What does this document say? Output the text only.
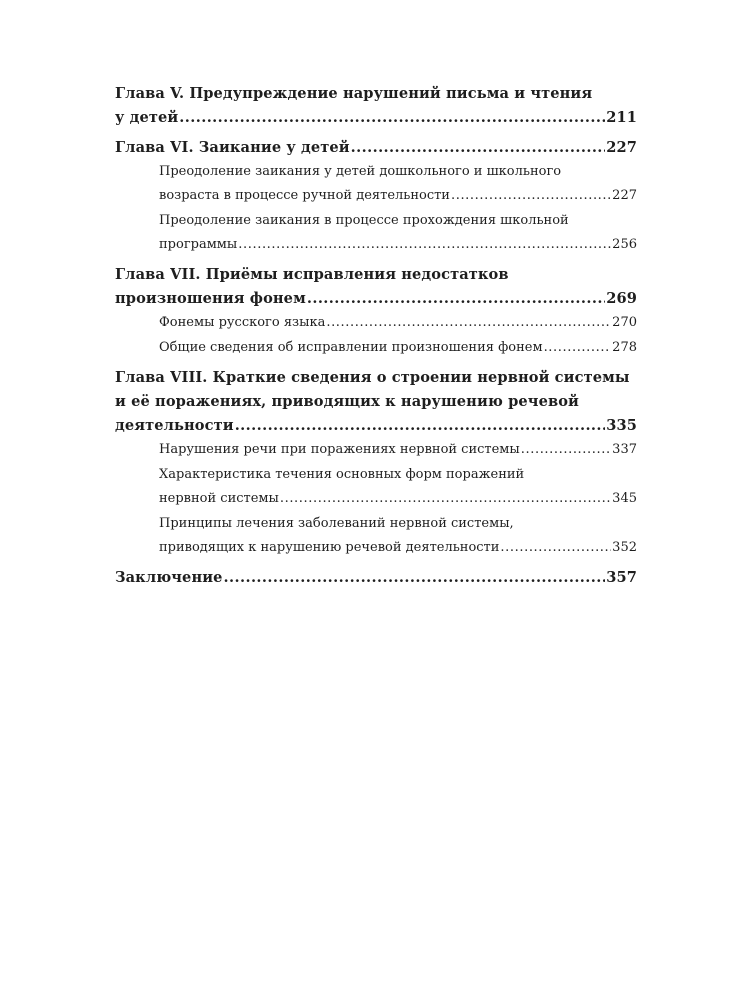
Глава V. Предупреждение нарушений письма и чтения
у детей .....	211
Глава VI. Заикание у детей .....	227
Преодоление заикания у детей дошкольного и школьного
возраста в процессе ручной деятельности .....	227
Преодоление заикания в процессе прохождения школьной
программы .....	256
Глава VII. Приёмы исправления недостатков
произношения фонем .....	269
Фонемы русского языка .....	270
Общие сведения об исправлении произношения фонем .....	278
Глава VIII. Краткие сведения о строении нервной системы
и её поражениях, приводящих к нарушению речевой
деятельности .....	335
Нарушения речи при поражениях нервной системы .....	337
Характеристика течения основных форм поражений
нервной системы .....	345
Принципы лечения заболеваний нервной системы,
приводящих к нарушению речевой деятельности .....	352
Заключение .....	357
